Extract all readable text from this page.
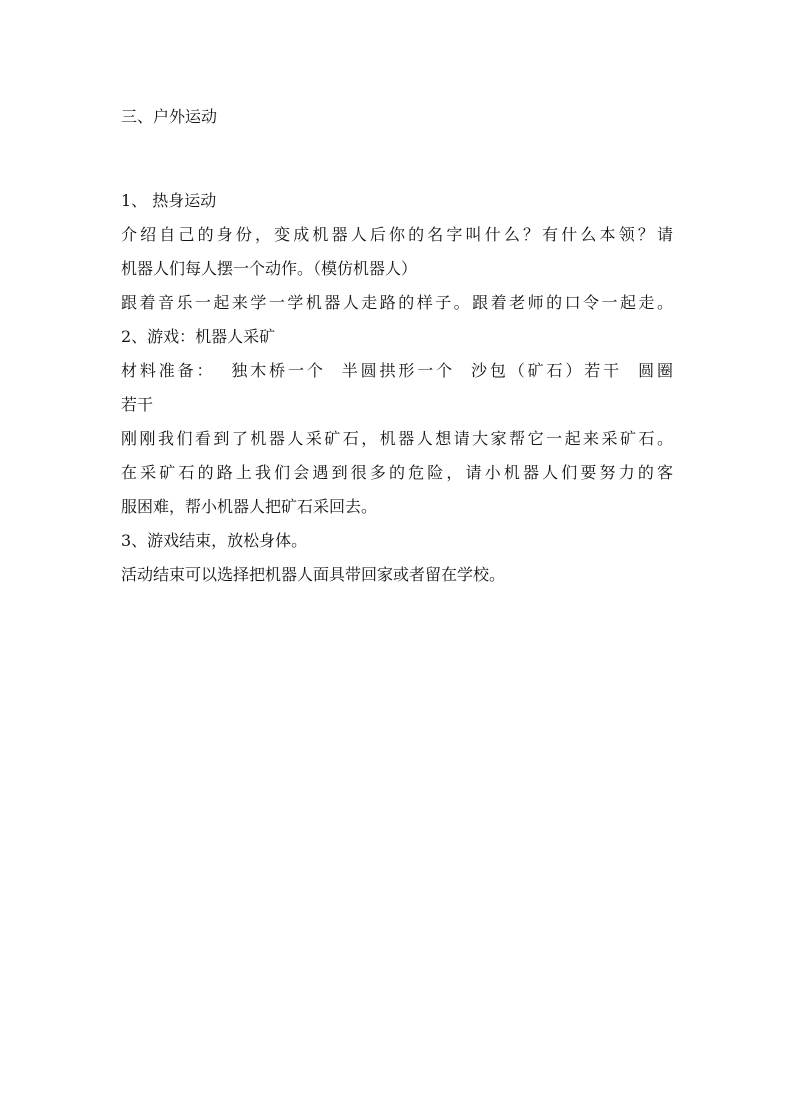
三、户外运动

1、 热身运动

介绍自己的身份，变成机器人后你的名字叫什么？有什么本领？请

机器人们每人摆一个动作。（模仿机器人）

跟着音乐一起来学一学机器人走路的样子。跟着老师的口令一起走。

2、游戏：机器人采矿

材料准备： 独木桥一个 半圆拱形一个 沙包（矿石）若干 圆圈

若干

刚刚我们看到了机器人采矿石，机器人想请大家帮它一起来采矿石。

在采矿石的路上我们会遇到很多的危险，请小机器人们要努力的客

服困难，帮小机器人把矿石采回去。

3、游戏结束，放松身体。

活动结束可以选择把机器人面具带回家或者留在学校。
